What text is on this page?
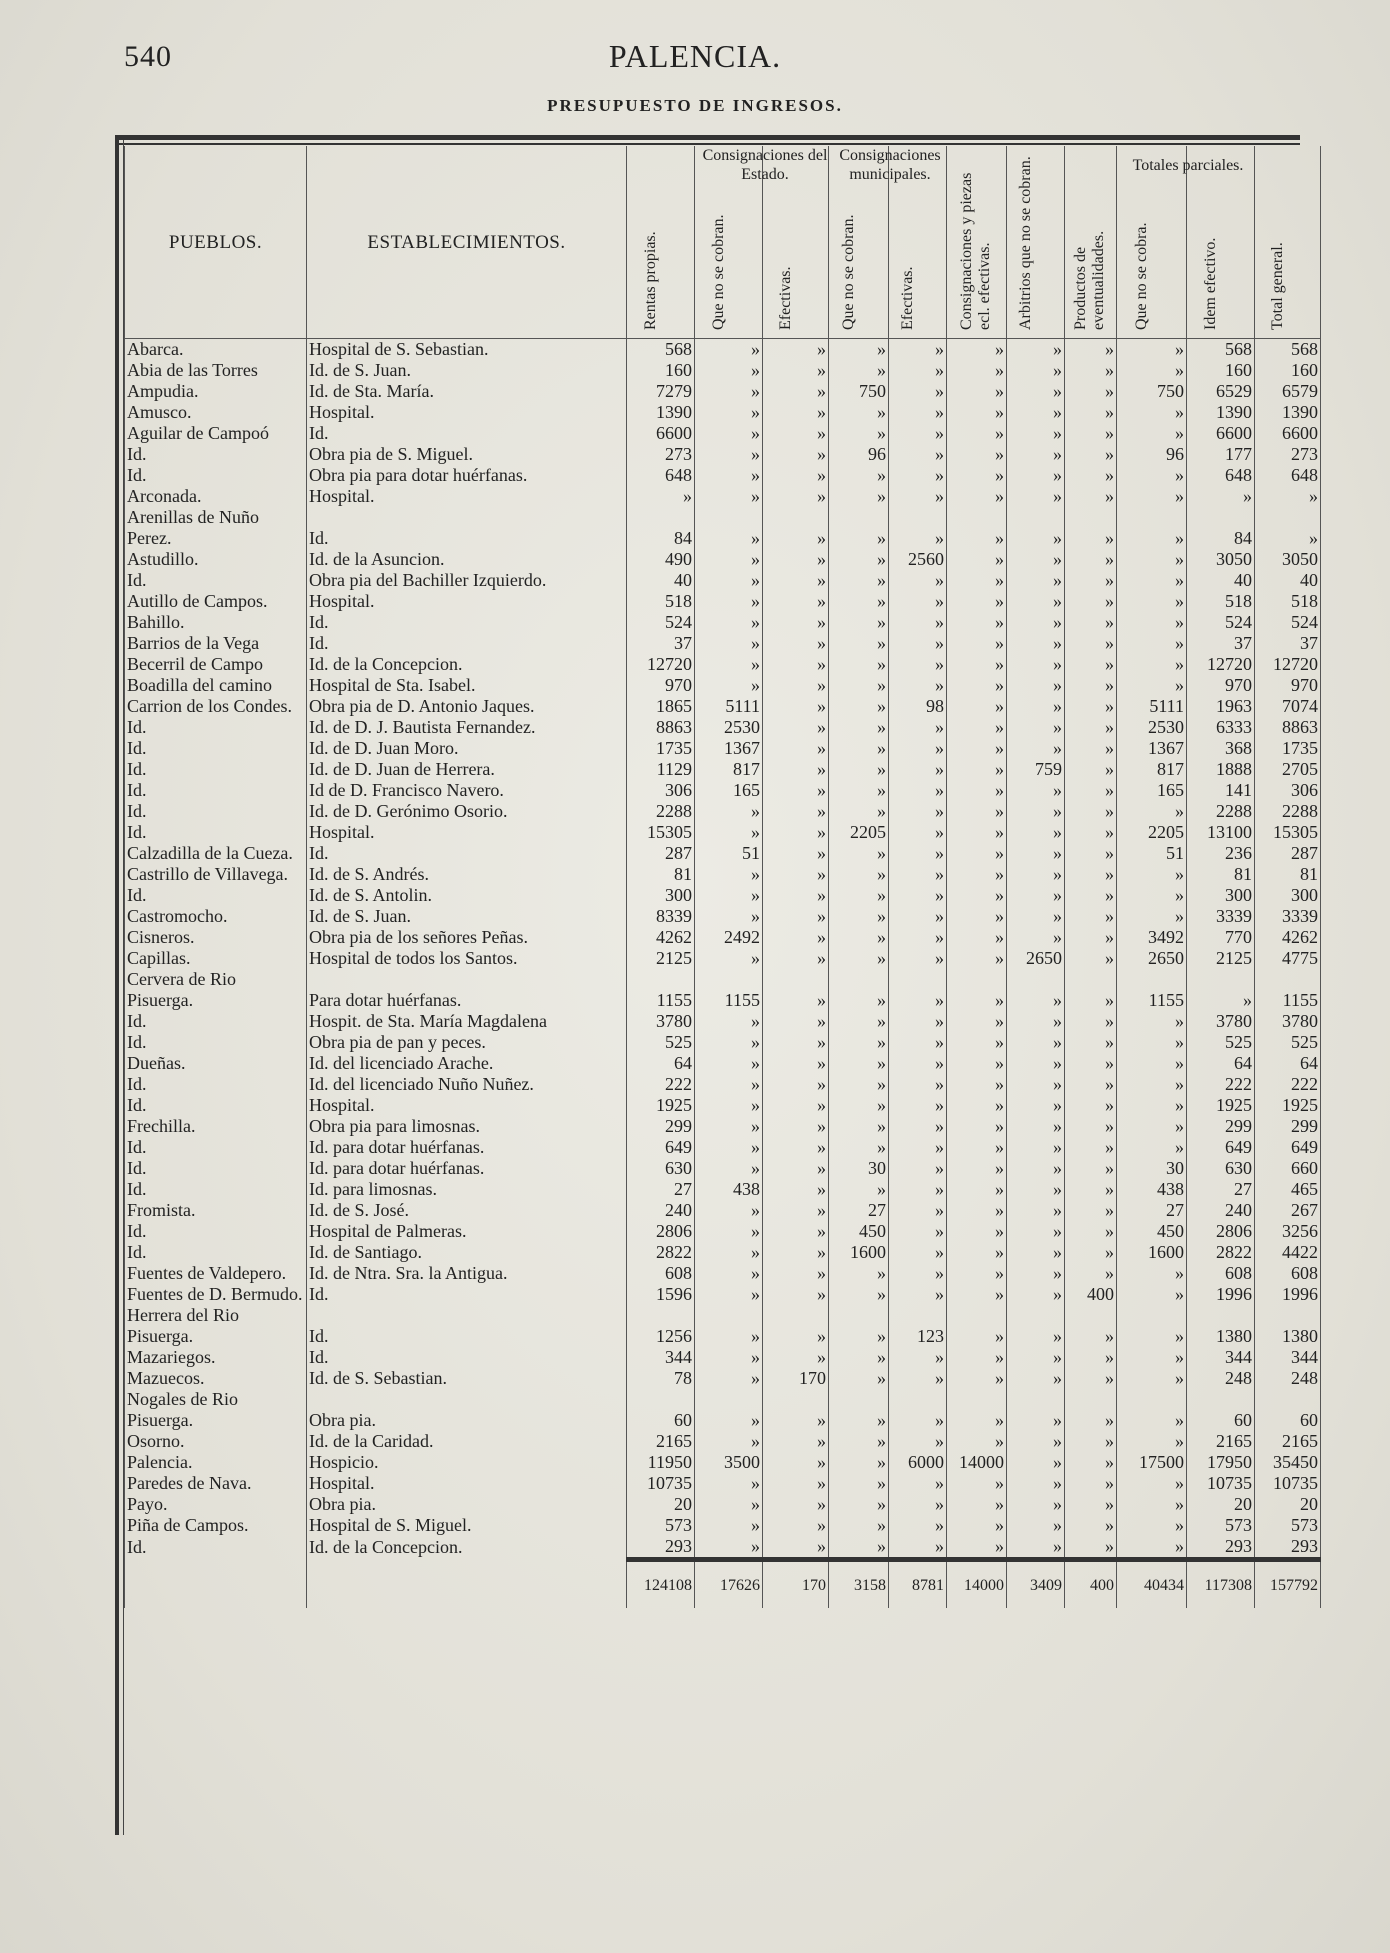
540	PALENCIA.
PRESUPUESTO DE INGRESOS.
PUEBLOS.	ESTABLECIMIENTOS.	Rentas propias.	Consignaciones del Estado.
Que no se cobran.	Efectivas.	Consignaciones municipales.
Que no se cobran.	Efectivas.	Consignaciones y piezas ecl. efectivas.	Arbitrios que no se cobran.	Productos de eventualidades.	Totales parciales.
Que no se cobra.	Idem efectivo.	Total general.

Abarca.	Hospital de S. Sebastian.	568	»	»	»	»	»	»	»	»	568	568
Abia de las Torres	Id. de S. Juan.	160	»	»	»	»	»	»	»	»	160	160
Ampudia.	Id. de Sta. María.	7279	»	»	750	»	»	»	»	750	6529	6579
Amusco.	Hospital.	1390	»	»	»	»	»	»	»	»	1390	1390
Aguilar de Campoó	Id.	6600	»	»	»	»	»	»	»	»	6600	6600
Id.	Obra pia de S. Miguel.	273	»	»	96	»	»	»	»	96	177	273
Id.	Obra pia para dotar huérfanas.	648	»	»	»	»	»	»	»	»	648	648
Arconada.	Hospital.	»	»	»	»	»	»	»	»	»	»	»
Arenillas de Nuño Perez.	Id.	84	»	»	»	»	»	»	»	»	84	»
Astudillo.	Id. de la Asuncion.	490	»	»	»	2560	»	»	»	»	3050	3050
Id.	Obra pia del Bachiller Izquierdo.	40	»	»	»	»	»	»	»	»	40	40
Autillo de Campos.	Hospital.	518	»	»	»	»	»	»	»	»	518	518
Bahillo.	Id.	524	»	»	»	»	»	»	»	»	524	524
Barrios de la Vega	Id.	37	»	»	»	»	»	»	»	»	37	37
Becerril de Campo	Id. de la Concepcion.	12720	»	»	»	»	»	»	»	»	12720	12720
Boadilla del camino	Hospital de Sta. Isabel.	970	»	»	»	»	»	»	»	»	970	970
Carrion de los Condes.	Obra pia de D. Antonio Jaques.	1865	5111	»	»	98	»	»	»	5111	1963	7074
Id.	Id. de D. J. Bautista Fernandez.	8863	2530	»	»	»	»	»	»	2530	6333	8863
Id.	Id. de D. Juan Moro.	1735	1367	»	»	»	»	»	»	1367	368	1735
Id.	Id. de D. Juan de Herrera.	1129	817	»	»	»	»	759	»	817	1888	2705
Id.	Id de D. Francisco Navero.	306	165	»	»	»	»	»	»	165	141	306
Id.	Id. de D. Gerónimo Osorio.	2288	»	»	»	»	»	»	»	»	2288	2288
Id.	Hospital.	15305	»	»	2205	»	»	»	»	2205	13100	15305
Calzadilla de la Cueza.	Id.	287	51	»	»	»	»	»	»	51	236	287
Castrillo de Villavega.	Id. de S. Andrés.	81	»	»	»	»	»	»	»	»	81	81
Id.	Id. de S. Antolin.	300	»	»	»	»	»	»	»	»	300	300
Castromocho.	Id. de S. Juan.	8339	»	»	»	»	»	»	»	»	3339	3339
Cisneros.	Obra pia de los señores Peñas.	4262	2492	»	»	»	»	»	»	3492	770	4262
Capillas.	Hospital de todos los Santos.	2125	»	»	»	»	»	2650	»	2650	2125	4775
Cervera de Rio Pisuerga.	Para dotar huérfanas.	1155	1155	»	»	»	»	»	»	1155	»	1155
Id.	Hospit. de Sta. María Magdalena	3780	»	»	»	»	»	»	»	»	3780	3780
Id.	Obra pia de pan y peces.	525	»	»	»	»	»	»	»	»	525	525
Dueñas.	Id. del licenciado Arache.	64	»	»	»	»	»	»	»	»	64	64
Id.	Id. del licenciado Nuño Nuñez.	222	»	»	»	»	»	»	»	»	222	222
Id.	Hospital.	1925	»	»	»	»	»	»	»	»	1925	1925
Frechilla.	Obra pia para limosnas.	299	»	»	»	»	»	»	»	»	299	299
Id.	Id. para dotar huérfanas.	649	»	»	»	»	»	»	»	»	649	649
Id.	Id. para dotar huérfanas.	630	»	»	30	»	»	»	»	30	630	660
Id.	Id. para limosnas.	27	438	»	»	»	»	»	»	438	27	465
Fromista.	Id. de S. José.	240	»	»	27	»	»	»	»	27	240	267
Id.	Hospital de Palmeras.	2806	»	»	450	»	»	»	»	450	2806	3256
Id.	Id. de Santiago.	2822	»	»	1600	»	»	»	»	1600	2822	4422
Fuentes de Valdepero.	Id. de Ntra. Sra. la Antigua.	608	»	»	»	»	»	»	»	»	608	608
Fuentes de D. Bermudo.	Id.	1596	»	»	»	»	»	»	400	»	1996	1996
Herrera del Rio Pisuerga.	Id.	1256	»	»	»	123	»	»	»	»	1380	1380
Mazariegos.	Id.	344	»	»	»	»	»	»	»	»	344	344
Mazuecos.	Id. de S. Sebastian.	78	»	170	»	»	»	»	»	»	248	248
Nogales de Rio Pisuerga.	Obra pia.	60	»	»	»	»	»	»	»	»	60	60
Osorno.	Id. de la Caridad.	2165	»	»	»	»	»	»	»	»	2165	2165
Palencia.	Hospicio.	11950	3500	»	»	6000	14000	»	»	17500	17950	35450
Paredes de Nava.	Hospital.	10735	»	»	»	»	»	»	»	»	10735	10735
Payo.	Obra pia.	20	»	»	»	»	»	»	»	»	20	20
Piña de Campos.	Hospital de S. Miguel.	573	»	»	»	»	»	»	»	»	573	573
Id.	Id. de la Concepcion.	293	»	»	»	»	»	»	»	»	293	293
		124108	17626	170	3158	8781	14000	3409	400	40434	117308	157792
